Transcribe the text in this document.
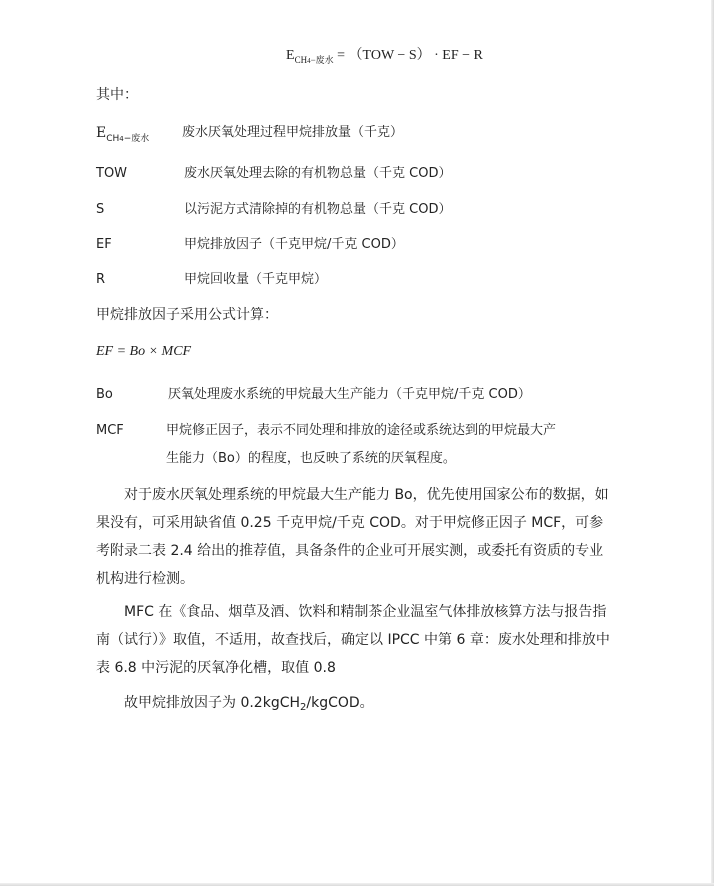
$E_{CH4-废水} = (TOW - S)$ · EF − R
其中：
$E_{CH4-废水}$	废水厌氧处理过程甲烷排放量（千克）
TOW	废水厌氧处理去除的有机物总量（千克 COD）
S	以污泥方式清除掉的有机物总量（千克 COD）
EF	甲烷排放因子（千克甲烷/千克 COD）
R	甲烷回收量（千克甲烷）
甲烷排放因子采用公式计算：
EF = Bo × MCF
Bo	厌氧处理废水系统的甲烷最大生产能力（千克甲烷/千克 COD）
MCF	甲烷修正因子，表示不同处理和排放的途径或系统达到的甲烷最大产
生能力（Bo）的程度，也反映了系统的厌氧程度。

对于废水厌氧处理系统的甲烷最大生产能力 Bo，优先使用国家公布的数据，如果没有，可采用缺省值 0.25 千克甲烷/千克 COD。对于甲烷修正因子 MCF，可参考附录二表 2.4 给出的推荐值，具备条件的企业可开展实测，或委托有资质的专业机构进行检测。

MFC 在《食品、烟草及酒、饮料和精制茶企业温室气体排放核算方法与报告指南（试行）》取值，不适用，故查找后，确定以 IPCC 中第 6 章：废水处理和排放中表 6.8 中污泥的厌氧净化槽，取值 0.8

故甲烷排放因子为 0.2kgCH$_2$/kgCOD。
